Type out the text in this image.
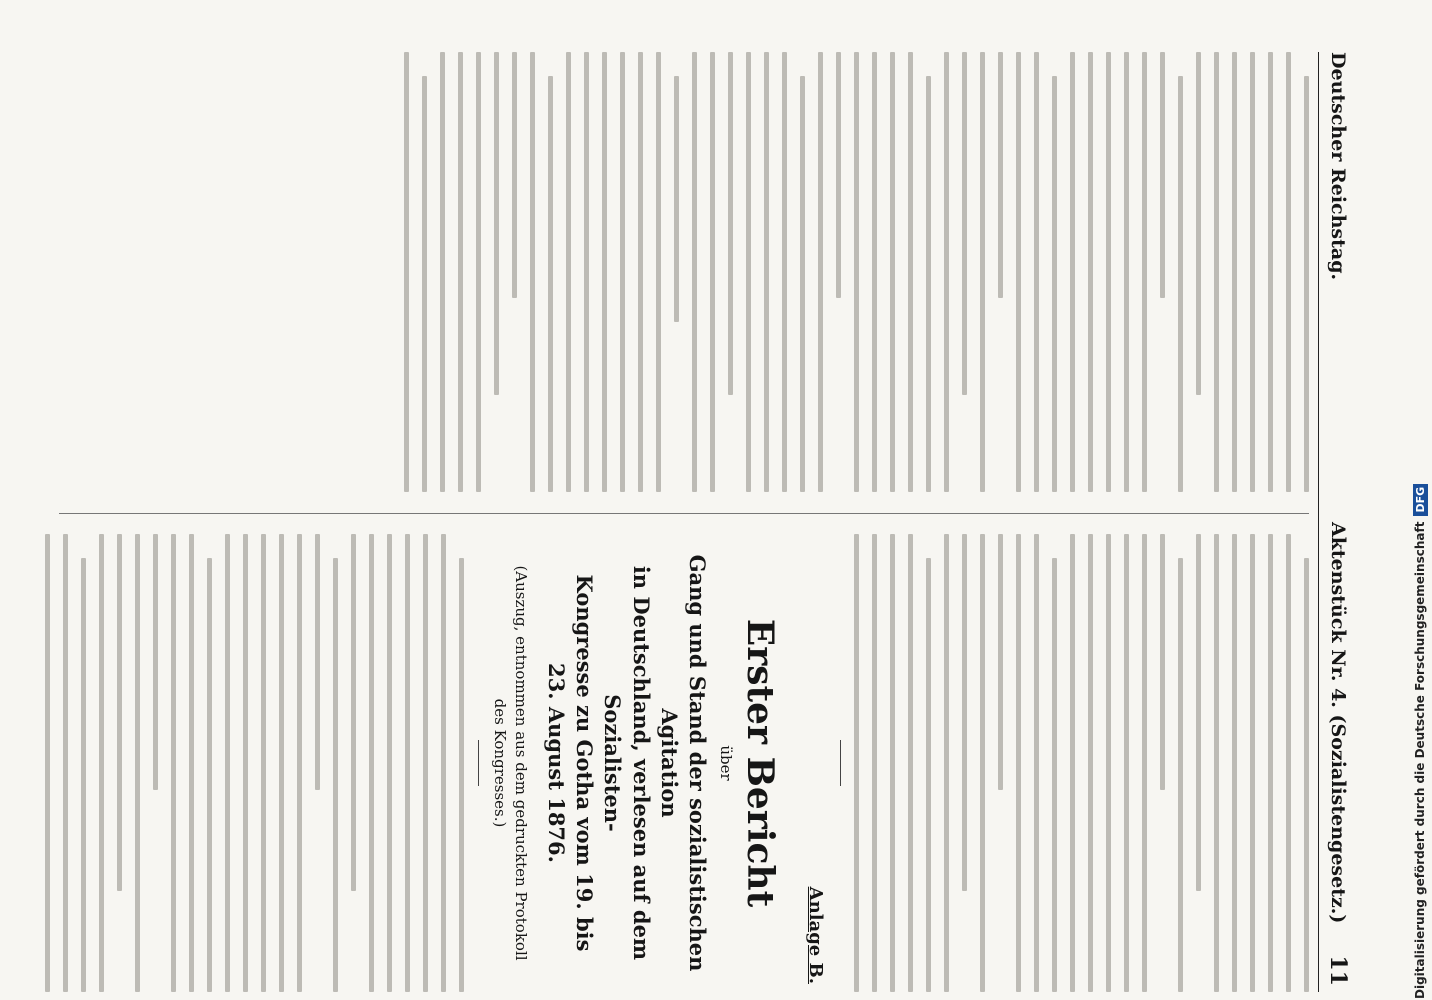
Deutscher Reichstag.
Aktenstück Nr. 4. (Sozialistengesetz.)
11
Anlage B.
Erster Bericht
über
Gang und Stand der sozialistischen Agitation
in Deutschland, verlesen auf dem Sozialisten-
Kongresse zu Gotha vom 19. bis
23. August 1876.
(Auszug, entnommen aus dem gedruckten Protokoll des Kongresses.)	Digitalisierung gefördert durch die Deutsche Forschungsgemeinschaft
DFG
